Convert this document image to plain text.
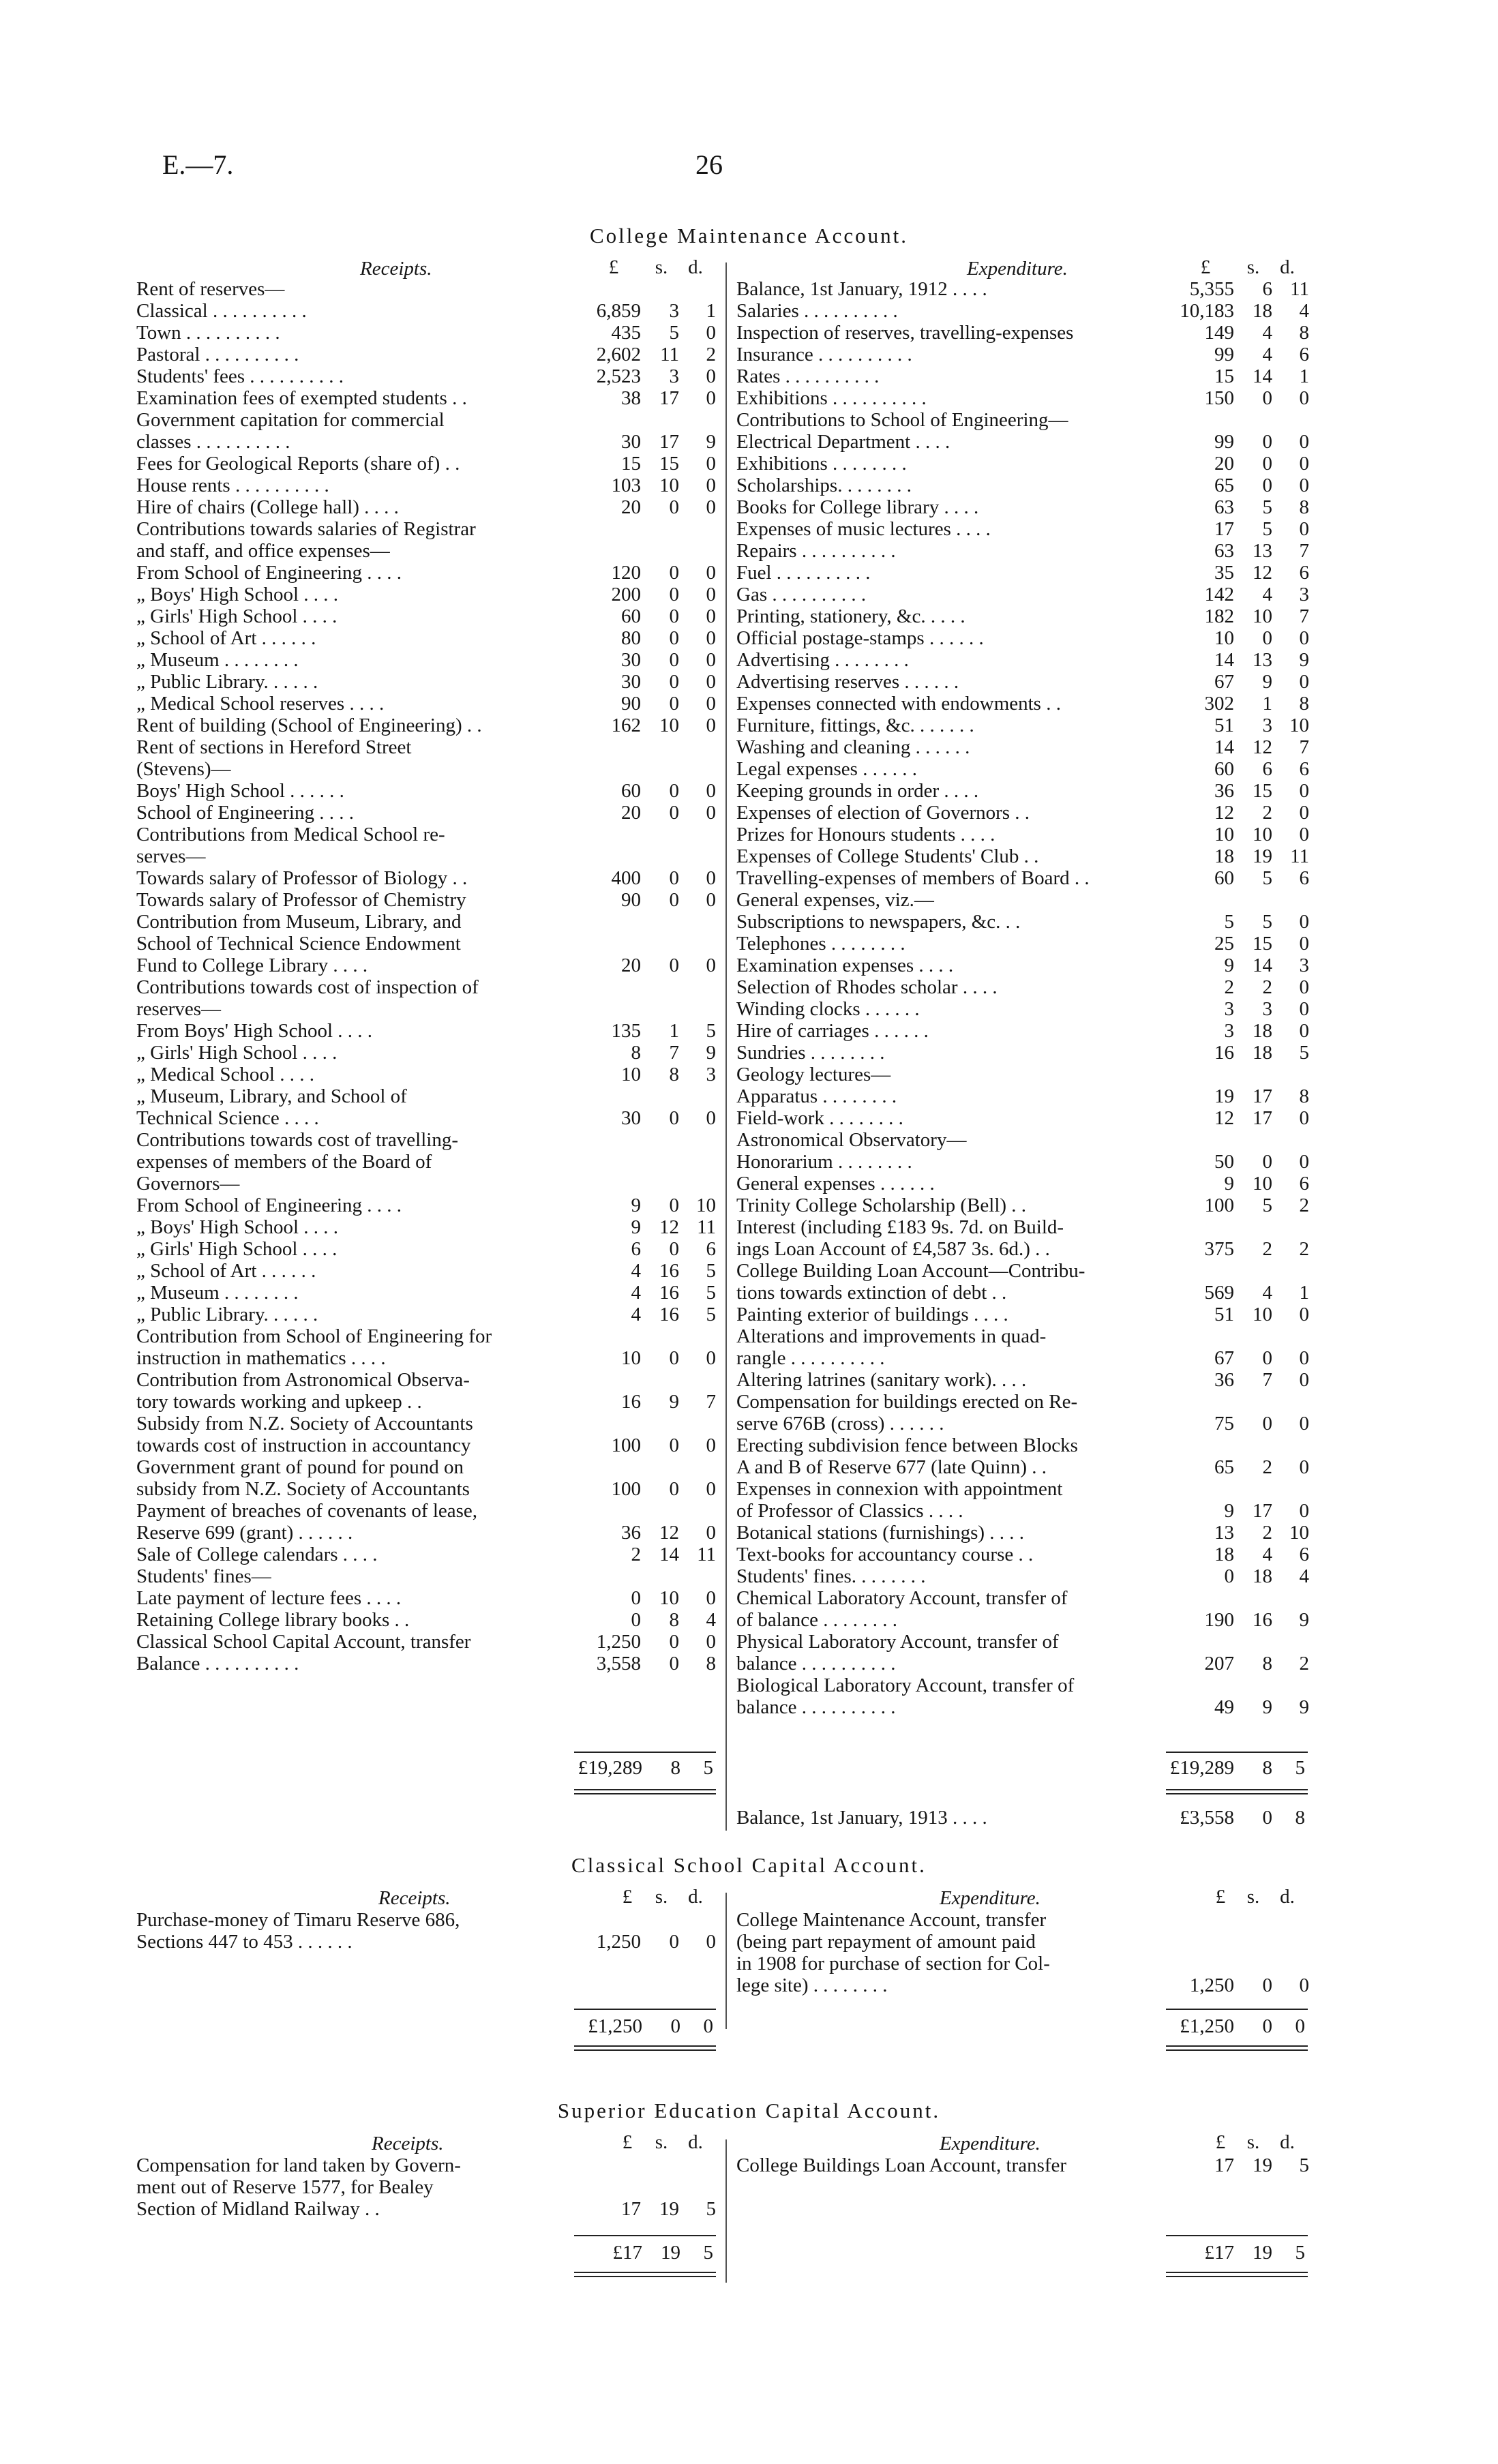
E.—7.	26
College Maintenance Account.
Receipts.	£	s.	d.	Expenditure.	£	s.	d.
Rent of reserves—			
Classical . . . . . . . . . .	6,859	3	1
Town . . . . . . . . . .	435	5	0
Pastoral . . . . . . . . . .	2,602	11	2
Students' fees . . . . . . . . . .	2,523	3	0
Examination fees of exempted students . .	38	17	0
Government capitation for commercial			
classes . . . . . . . . . .	30	17	9
Fees for Geological Reports (share of) . .	15	15	0
House rents . . . . . . . . . .	103	10	0
Hire of chairs (College hall) . . . .	20	0	0
Contributions towards salaries of Registrar			
and staff, and office expenses—			
From School of Engineering . . . .	120	0	0
„ Boys' High School . . . .	200	0	0
„ Girls' High School . . . .	60	0	0
„ School of Art . . . . . .	80	0	0
„ Museum . . . . . . . .	30	0	0
„ Public Library. . . . . .	30	0	0
„ Medical School reserves . . . .	90	0	0
Rent of building (School of Engineering) . .	162	10	0
Rent of sections in Hereford Street			
(Stevens)—			
Boys' High School . . . . . .	60	0	0
School of Engineering . . . .	20	0	0
Contributions from Medical School re-			
serves—			
Towards salary of Professor of Biology . .	400	0	0
Towards salary of Professor of Chemistry	90	0	0
Contribution from Museum, Library, and			
School of Technical Science Endowment			
Fund to College Library . . . .	20	0	0
Contributions towards cost of inspection of			
reserves—			
From Boys' High School . . . .	135	1	5
„ Girls' High School . . . .	8	7	9
„ Medical School . . . .	10	8	3
„ Museum, Library, and School of			
Technical Science . . . .	30	0	0
Contributions towards cost of travelling-			
expenses of members of the Board of			
Governors—			
From School of Engineering . . . .	9	0	10
„ Boys' High School . . . .	9	12	11
„ Girls' High School . . . .	6	0	6
„ School of Art . . . . . .	4	16	5
„ Museum . . . . . . . .	4	16	5
„ Public Library. . . . . .	4	16	5
Contribution from School of Engineering for			
instruction in mathematics . . . .	10	0	0
Contribution from Astronomical Observa-			
tory towards working and upkeep . .	16	9	7
Subsidy from N.Z. Society of Accountants			
towards cost of instruction in accountancy	100	0	0
Government grant of pound for pound on			
subsidy from N.Z. Society of Accountants	100	0	0
Payment of breaches of covenants of lease,			
Reserve 699 (grant) . . . . . .	36	12	0
Sale of College calendars . . . .	2	14	11
Students' fines—			
Late payment of lecture fees . . . .	0	10	0
Retaining College library books . .	0	8	4
Classical School Capital Account, transfer	1,250	0	0
Balance . . . . . . . . . .	3,558	0	8
Balance, 1st January, 1912 . . . .	5,355	6	11
Salaries . . . . . . . . . .	10,183	18	4
Inspection of reserves, travelling-expenses	149	4	8
Insurance . . . . . . . . . .	99	4	6
Rates . . . . . . . . . .	15	14	1
Exhibitions . . . . . . . . . .	150	0	0
Contributions to School of Engineering—			
Electrical Department . . . .	99	0	0
Exhibitions . . . . . . . .	20	0	0
Scholarships. . . . . . . .	65	0	0
Books for College library . . . .	63	5	8
Expenses of music lectures . . . .	17	5	0
Repairs . . . . . . . . . .	63	13	7
Fuel . . . . . . . . . .	35	12	6
Gas . . . . . . . . . .	142	4	3
Printing, stationery, &c. . . . .	182	10	7
Official postage-stamps . . . . . .	10	0	0
Advertising . . . . . . . .	14	13	9
Advertising reserves . . . . . .	67	9	0
Expenses connected with endowments . .	302	1	8
Furniture, fittings, &c. . . . . . .	51	3	10
Washing and cleaning . . . . . .	14	12	7
Legal expenses . . . . . .	60	6	6
Keeping grounds in order . . . .	36	15	0
Expenses of election of Governors . .	12	2	0
Prizes for Honours students . . . .	10	10	0
Expenses of College Students' Club . .	18	19	11
Travelling-expenses of members of Board . .	60	5	6
General expenses, viz.—			
Subscriptions to newspapers, &c. . .	5	5	0
Telephones . . . . . . . .	25	15	0
Examination expenses . . . .	9	14	3
Selection of Rhodes scholar . . . .	2	2	0
Winding clocks . . . . . .	3	3	0
Hire of carriages . . . . . .	3	18	0
Sundries . . . . . . . .	16	18	5
Geology lectures—			
Apparatus . . . . . . . .	19	17	8
Field-work . . . . . . . .	12	17	0
Astronomical Observatory—			
Honorarium . . . . . . . .	50	0	0
General expenses . . . . . .	9	10	6
Trinity College Scholarship (Bell) . .	100	5	2
Interest (including £183 9s. 7d. on Build-			
ings Loan Account of £4,587 3s. 6d.) . .	375	2	2
College Building Loan Account—Contribu-			
tions towards extinction of debt . .	569	4	1
Painting exterior of buildings . . . .	51	10	0
Alterations and improvements in quad-			
rangle . . . . . . . . . .	67	0	0
Altering latrines (sanitary work). . . .	36	7	0
Compensation for buildings erected on Re-			
serve 676B (cross) . . . . . .	75	0	0
Erecting subdivision fence between Blocks			
A and B of Reserve 677 (late Quinn) . .	65	2	0
Expenses in connexion with appointment			
of Professor of Classics . . . .	9	17	0
Botanical stations (furnishings) . . . .	13	2	10
Text-books for accountancy course . .	18	4	6
Students' fines. . . . . . . .	0	18	4
Chemical Laboratory Account, transfer of			
of balance . . . . . . . .	190	16	9
Physical Laboratory Account, transfer of			
balance . . . . . . . . . .	207	8	2
Biological Laboratory Account, transfer of			
balance . . . . . . . . . .	49	9	9
£19,289 8 5	£19,289 8 5
Balance, 1st January, 1913 . . . .	£3,558 0 8
Classical School Capital Account.
Receipts.	£	s.	d.	Expenditure.	£	s.	d.
Purchase-money of Timaru Reserve 686,			
Sections 447 to 453 . . . . . .	1,250	0	0
College Maintenance Account, transfer			
(being part repayment of amount paid			
in 1908 for purchase of section for Col-			
lege site) . . . . . . . .	1,250	0	0
£1,250 0 0	£1,250 0 0
Superior Education Capital Account.
Receipts.	£	s.	d.	Expenditure.	£	s.	d.
Compensation for land taken by Govern-			
ment out of Reserve 1577, for Bealey			
Section of Midland Railway . .	17	19	5
College Buildings Loan Account, transfer	17	19	5
£17 19 5	£17 19 5
